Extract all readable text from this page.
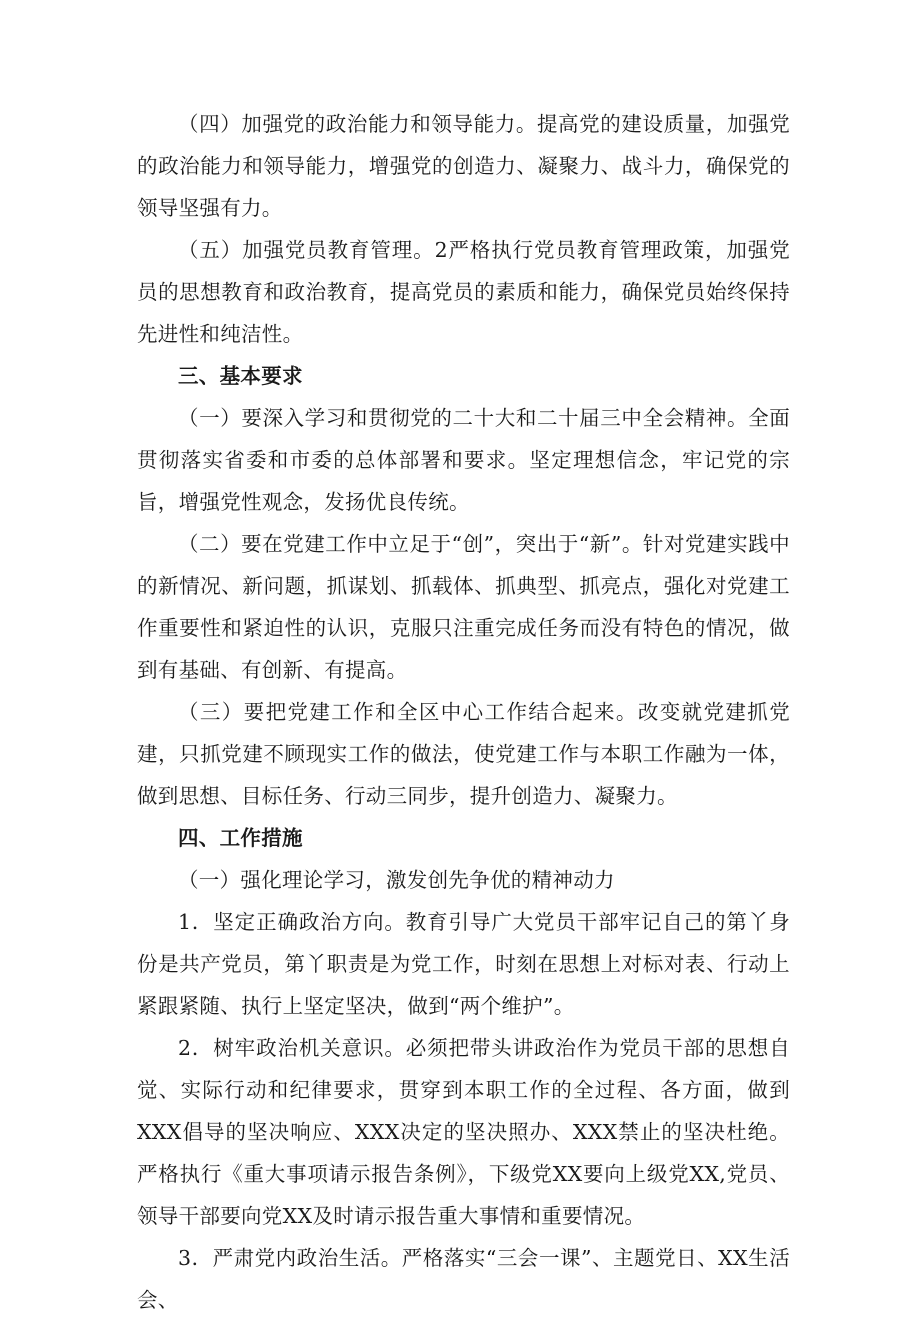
（四）加强党的政治能力和领导能力。提高党的建设质量，加强党的政治能力和领导能力，增强党的创造力、凝聚力、战斗力，确保党的领导坚强有力。

（五）加强党员教育管理。2严格执行党员教育管理政策，加强党员的思想教育和政治教育，提高党员的素质和能力，确保党员始终保持先进性和纯洁性。

三、基本要求

（一）要深入学习和贯彻党的二十大和二十届三中全会精神。全面贯彻落实省委和市委的总体部署和要求。坚定理想信念，牢记党的宗旨，增强党性观念，发扬优良传统。

（二）要在党建工作中立足于“创”，突出于“新”。针对党建实践中的新情况、新问题，抓谋划、抓载体、抓典型、抓亮点，强化对党建工作重要性和紧迫性的认识，克服只注重完成任务而没有特色的情况，做到有基础、有创新、有提高。

（三）要把党建工作和全区中心工作结合起来。改变就党建抓党建，只抓党建不顾现实工作的做法，使党建工作与本职工作融为一体，做到思想、目标任务、行动三同步，提升创造力、凝聚力。

四、工作措施

（一）强化理论学习，激发创先争优的精神动力

1．坚定正确政治方向。教育引导广大党员干部牢记自己的第丫身份是共产党员，第丫职责是为党工作，时刻在思想上对标对表、行动上紧跟紧随、执行上坚定坚决，做到“两个维护”。

2．树牢政治机关意识。必须把带头讲政治作为党员干部的思想自觉、实际行动和纪律要求，贯穿到本职工作的全过程、各方面，做到XXX倡导的坚决响应、XXX决定的坚决照办、XXX禁止的坚决杜绝。严格执行《重大事项请示报告条例》，下级党XX要向上级党XX,党员、领导干部要向党XX及时请示报告重大事情和重要情况。

3．严肃党内政治生活。严格落实“三会一课”、主题党日、XX生活会、
